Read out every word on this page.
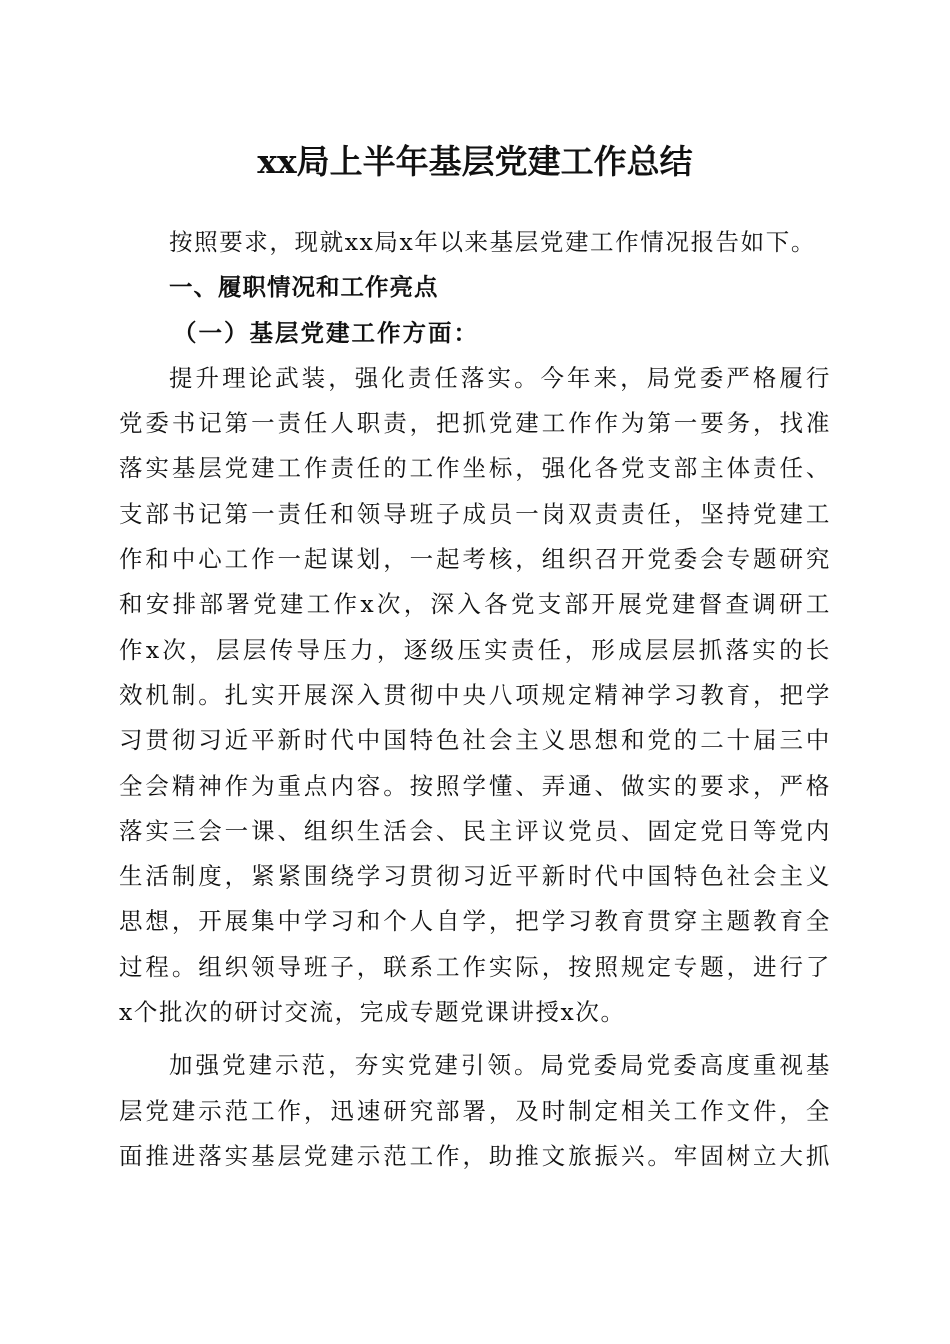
xx局上半年基层党建工作总结
按照要求，现就xx局x年以来基层党建工作情况报告如下。
一、履职情况和工作亮点
（一）基层党建工作方面：
提升理论武装，强化责任落实。今年来，局党委严格履行
党委书记第一责任人职责，把抓党建工作作为第一要务，找准
落实基层党建工作责任的工作坐标，强化各党支部主体责任、
支部书记第一责任和领导班子成员一岗双责责任，坚持党建工
作和中心工作一起谋划，一起考核，组织召开党委会专题研究
和安排部署党建工作x次，深入各党支部开展党建督查调研工
作x次，层层传导压力，逐级压实责任，形成层层抓落实的长
效机制。扎实开展深入贯彻中央八项规定精神学习教育，把学
习贯彻习近平新时代中国特色社会主义思想和党的二十届三中
全会精神作为重点内容。按照学懂、弄通、做实的要求，严格
落实三会一课、组织生活会、民主评议党员、固定党日等党内
生活制度，紧紧围绕学习贯彻习近平新时代中国特色社会主义
思想，开展集中学习和个人自学，把学习教育贯穿主题教育全
过程。组织领导班子，联系工作实际，按照规定专题，进行了
x个批次的研讨交流，完成专题党课讲授x次。
加强党建示范，夯实党建引领。局党委局党委高度重视基
层党建示范工作，迅速研究部署，及时制定相关工作文件，全
面推进落实基层党建示范工作，助推文旅振兴。牢固树立大抓
